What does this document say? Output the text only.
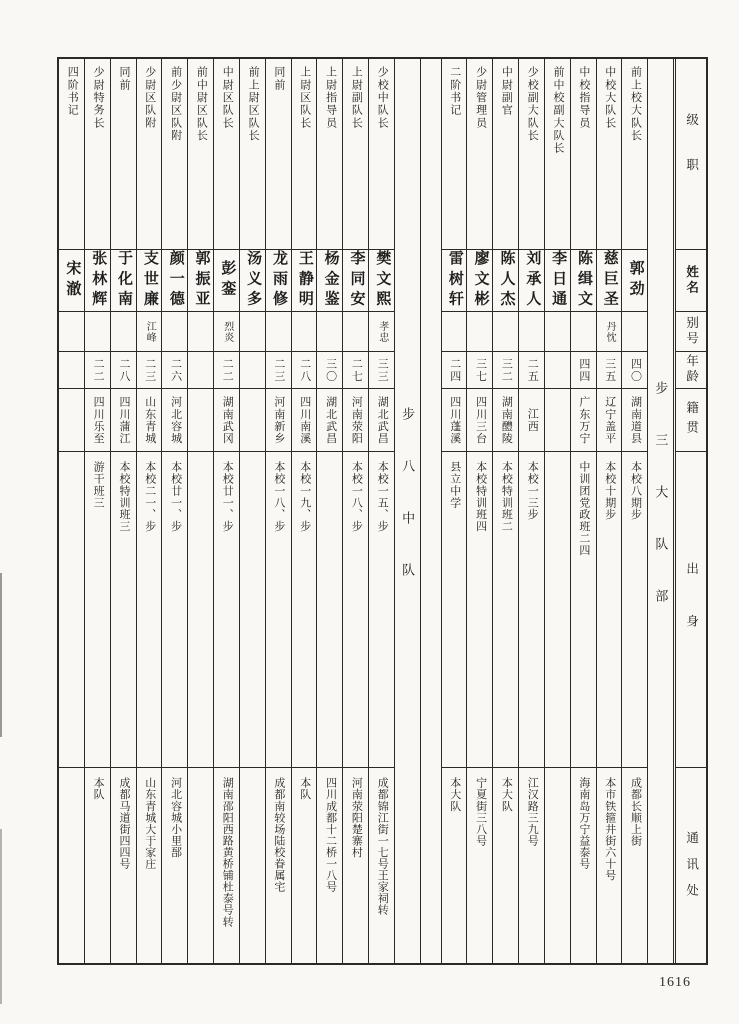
级职
姓名
别号
年龄
籍贯
出身
通讯处
步三大队部
前上校大队长
郭劲
四〇
湖南道县
本校八期步
成都长顺上街
中校大队长
慈巨圣
丹忱
三五
辽宁盖平
本校十期步
本市铁箍井街六十号
中校指导员
陈缉文
四四
广东万宁
中训团党政班二四
海南岛万宁益泰号
前中校副大队长
李日通
少校副大队长
刘承人
二五
江西
本校一三步
江汉路三九号
中尉副官
陈人杰
三二
湖南醴陵
本校特训班二
本大队
少尉管理员
廖文彬
三七
四川三台
本校特训班四
宁夏街三八号
二阶书记
雷树轩
二四
四川蓬溪
县立中学
本大队
步八中队
少校中队长
樊文熙
孝忠
三三
湖北武昌
本校一五、步
成都锦江街一七号王家祠转
上尉副队长
李同安
二七
河南荥阳
本校一八、步
河南荥阳楚寨村
上尉指导员
杨金鉴
三〇
湖北武昌
四川成都十二桥一八号
上尉区队长
王静明
二八
四川南溪
本校一九、步
本队
同前
龙雨修
二三
河南新乡
本校一八、步
成都南较场陆校眷属宅
前上尉区队长
汤义多
中尉区队长
彭銮
烈炎
二二
湖南武冈
本校廿一、步
湖南邵阳西路黄桥铺杜泰号转
前中尉区队长
郭振亚
前少尉区队附
颜一德
二六
河北容城
本校廿一、步
河北容城小里郚
少尉区队附
支世廉
江峰
二三
山东青城
本校二一、步
山东青城大于家庄
同前
于化南
二八
四川蒲江
本校特训班三
成都马道街四四号
少尉特务长
张林辉
二二
四川乐至
游干班三
本队
四阶书记
宋澈
1616
